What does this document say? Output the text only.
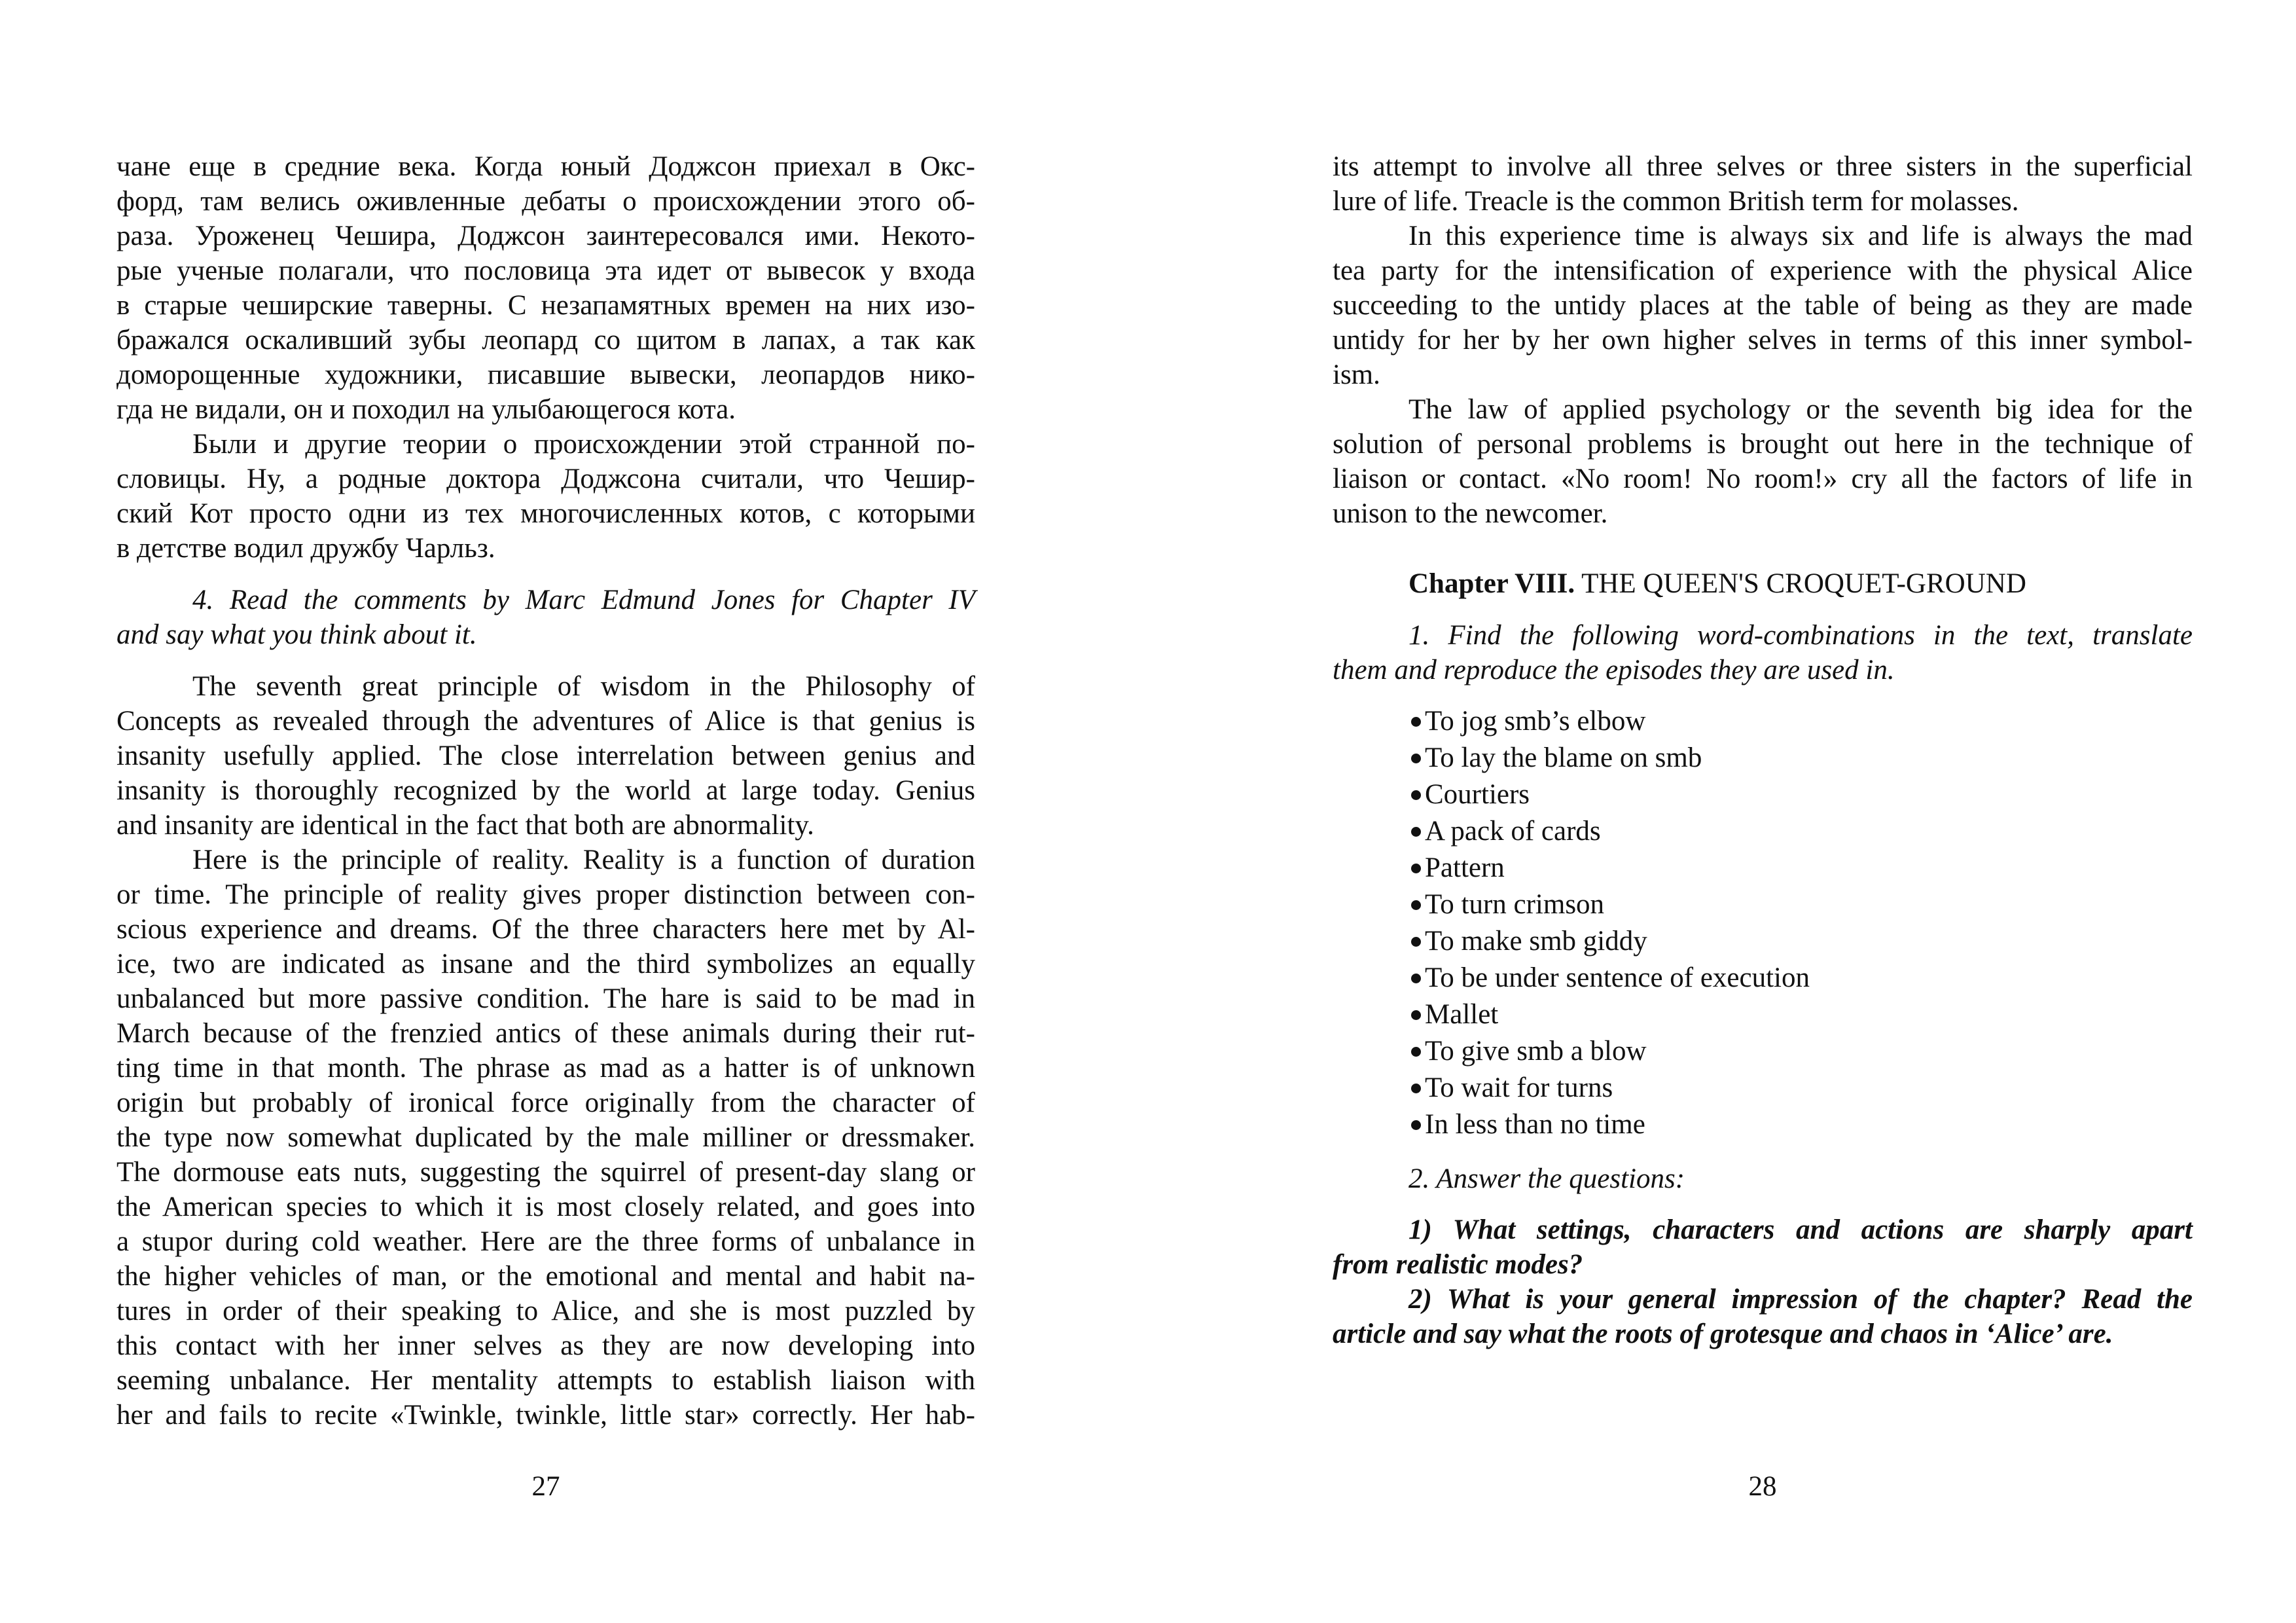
чане еще в средние века. Когда юный Доджсон приехал в Окс-
форд, там велись оживленные дебаты о происхождении этого об-
раза. Уроженец Чешира, Доджсон заинтересовался ими. Некото-
рые ученые полагали, что пословица эта идет от вывесок у входа
в старые чеширские таверны. С незапамятных времен на них изо-
бражался оскаливший зубы леопард со щитом в лапах, а так как
доморощенные художники, писавшие вывески, леопардов нико-
гда не видали, он и походил на улыбающегося кота.
Были и другие теории о происхождении этой странной по-
словицы. Ну, а родные доктора Доджсона считали, что Чешир-
ский Кот просто одни из тех многочисленных котов, с которыми
в детстве водил дружбу Чарльз.
4. Read the comments by Marc Edmund Jones for Chapter IV
and say what you think about it.
The seventh great principle of wisdom in the Philosophy of
Concepts as revealed through the adventures of Alice is that genius is
insanity usefully applied. The close interrelation between genius and
insanity is thoroughly recognized by the world at large today. Genius
and insanity are identical in the fact that both are abnormality.
Here is the principle of reality. Reality is a function of duration
or time. The principle of reality gives proper distinction between con-
scious experience and dreams. Of the three characters here met by Al-
ice, two are indicated as insane and the third symbolizes an equally
unbalanced but more passive condition. The hare is said to be mad in
March because of the frenzied antics of these animals during their rut-
ting time in that month. The phrase as mad as a hatter is of unknown
origin but probably of ironical force originally from the character of
the type now somewhat duplicated by the male milliner or dressmaker.
The dormouse eats nuts, suggesting the squirrel of present-day slang or
the American species to which it is most closely related, and goes into
a stupor during cold weather. Here are the three forms of unbalance in
the higher vehicles of man, or the emotional and mental and habit na-
tures in order of their speaking to Alice, and she is most puzzled by
this contact with her inner selves as they are now developing into
seeming unbalance. Her mentality attempts to establish liaison with
her and fails to recite «Twinkle, twinkle, little star» correctly. Her hab-
27
its attempt to involve all three selves or three sisters in the superficial
lure of life. Treacle is the common British term for molasses.
In this experience time is always six and life is always the mad
tea party for the intensification of experience with the physical Alice
succeeding to the untidy places at the table of being as they are made
untidy for her by her own higher selves in terms of this inner symbol-
ism.
The law of applied psychology or the seventh big idea for the
solution of personal problems is brought out here in the technique of
liaison or contact. «No room! No room!» cry all the factors of life in
unison to the newcomer.
Chapter VIII. THE QUEEN'S CROQUET-GROUND
1. Find the following word-combinations in the text, translate
them and reproduce the episodes they are used in.
To jog smb’s elbow
To lay the blame on smb
Courtiers
A pack of cards
Pattern
To turn crimson
To make smb giddy
To be under sentence of execution
Mallet
To give smb a blow
To wait for turns
In less than no time
2. Answer the questions:
1) What settings, characters and actions are sharply apart
from realistic modes?
2) What is your general impression of the chapter? Read the
article and say what the roots of grotesque and chaos in ‘Alice’ are.
28
